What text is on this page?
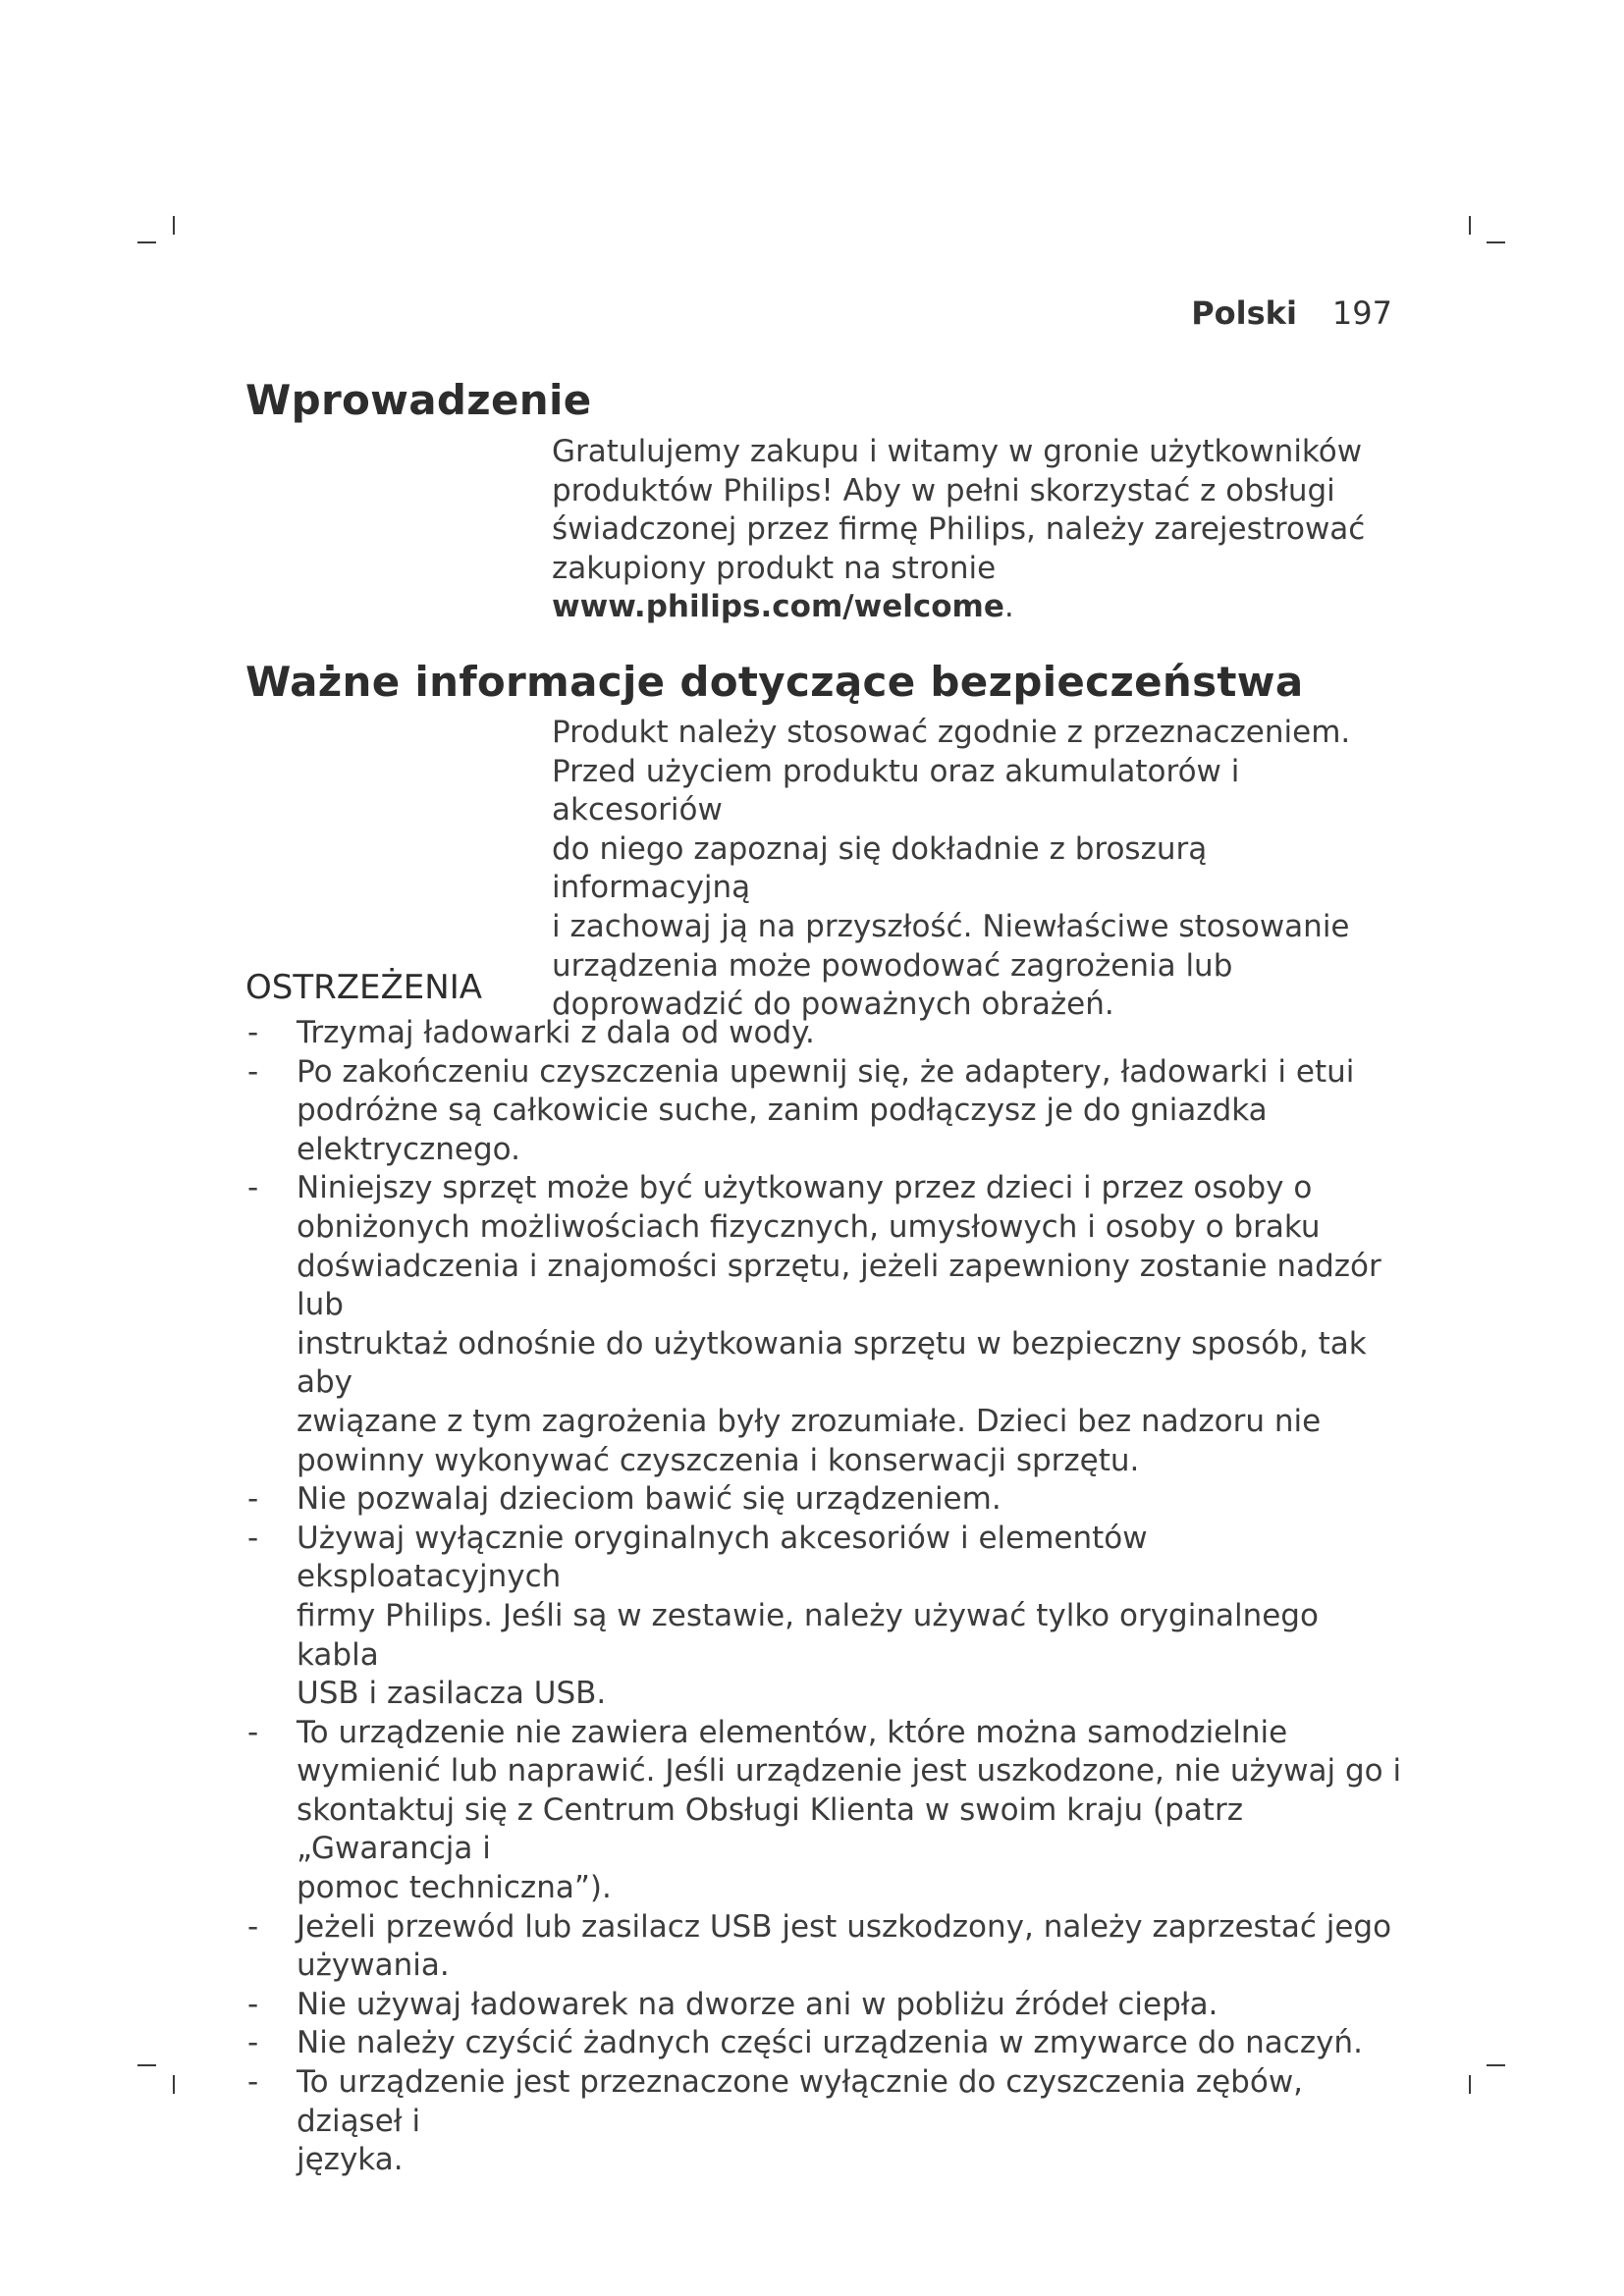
Polski 197
Wprowadzenie

Gratulujemy zakupu i witamy w gronie użytkowników
produktów Philips! Aby w pełni skorzystać z obsługi
świadczonej przez firmę Philips, należy zarejestrować
zakupiony produkt na stronie
www.philips.com/welcome.

Ważne informacje dotyczące bezpieczeństwa

Produkt należy stosować zgodnie z przeznaczeniem.
Przed użyciem produktu oraz akumulatorów i akcesoriów
do niego zapoznaj się dokładnie z broszurą informacyjną
i zachowaj ją na przyszłość. Niewłaściwe stosowanie
urządzenia może powodować zagrożenia lub
doprowadzić do poważnych obrażeń.

OSTRZEŻENIA
- Trzymaj ładowarki z dala od wody.
- Po zakończeniu czyszczenia upewnij się, że adaptery, ładowarki i etui
podróżne są całkowicie suche, zanim podłączysz je do gniazdka
elektrycznego.
- Niniejszy sprzęt może być użytkowany przez dzieci i przez osoby o
obniżonych możliwościach fizycznych, umysłowych i osoby o braku
doświadczenia i znajomości sprzętu, jeżeli zapewniony zostanie nadzór lub
instruktaż odnośnie do użytkowania sprzętu w bezpieczny sposób, tak aby
związane z tym zagrożenia były zrozumiałe. Dzieci bez nadzoru nie
powinny wykonywać czyszczenia i konserwacji sprzętu.
- Nie pozwalaj dzieciom bawić się urządzeniem.
- Używaj wyłącznie oryginalnych akcesoriów i elementów eksploatacyjnych
firmy Philips. Jeśli są w zestawie, należy używać tylko oryginalnego kabla
USB i zasilacza USB.
- To urządzenie nie zawiera elementów, które można samodzielnie
wymienić lub naprawić. Jeśli urządzenie jest uszkodzone, nie używaj go i
skontaktuj się z Centrum Obsługi Klienta w swoim kraju (patrz „Gwarancja i
pomoc techniczna”).
- Jeżeli przewód lub zasilacz USB jest uszkodzony, należy zaprzestać jego
używania.
- Nie używaj ładowarek na dworze ani w pobliżu źródeł ciepła.
- Nie należy czyścić żadnych części urządzenia w zmywarce do naczyń.
- To urządzenie jest przeznaczone wyłącznie do czyszczenia zębów, dziąseł i
języka.
